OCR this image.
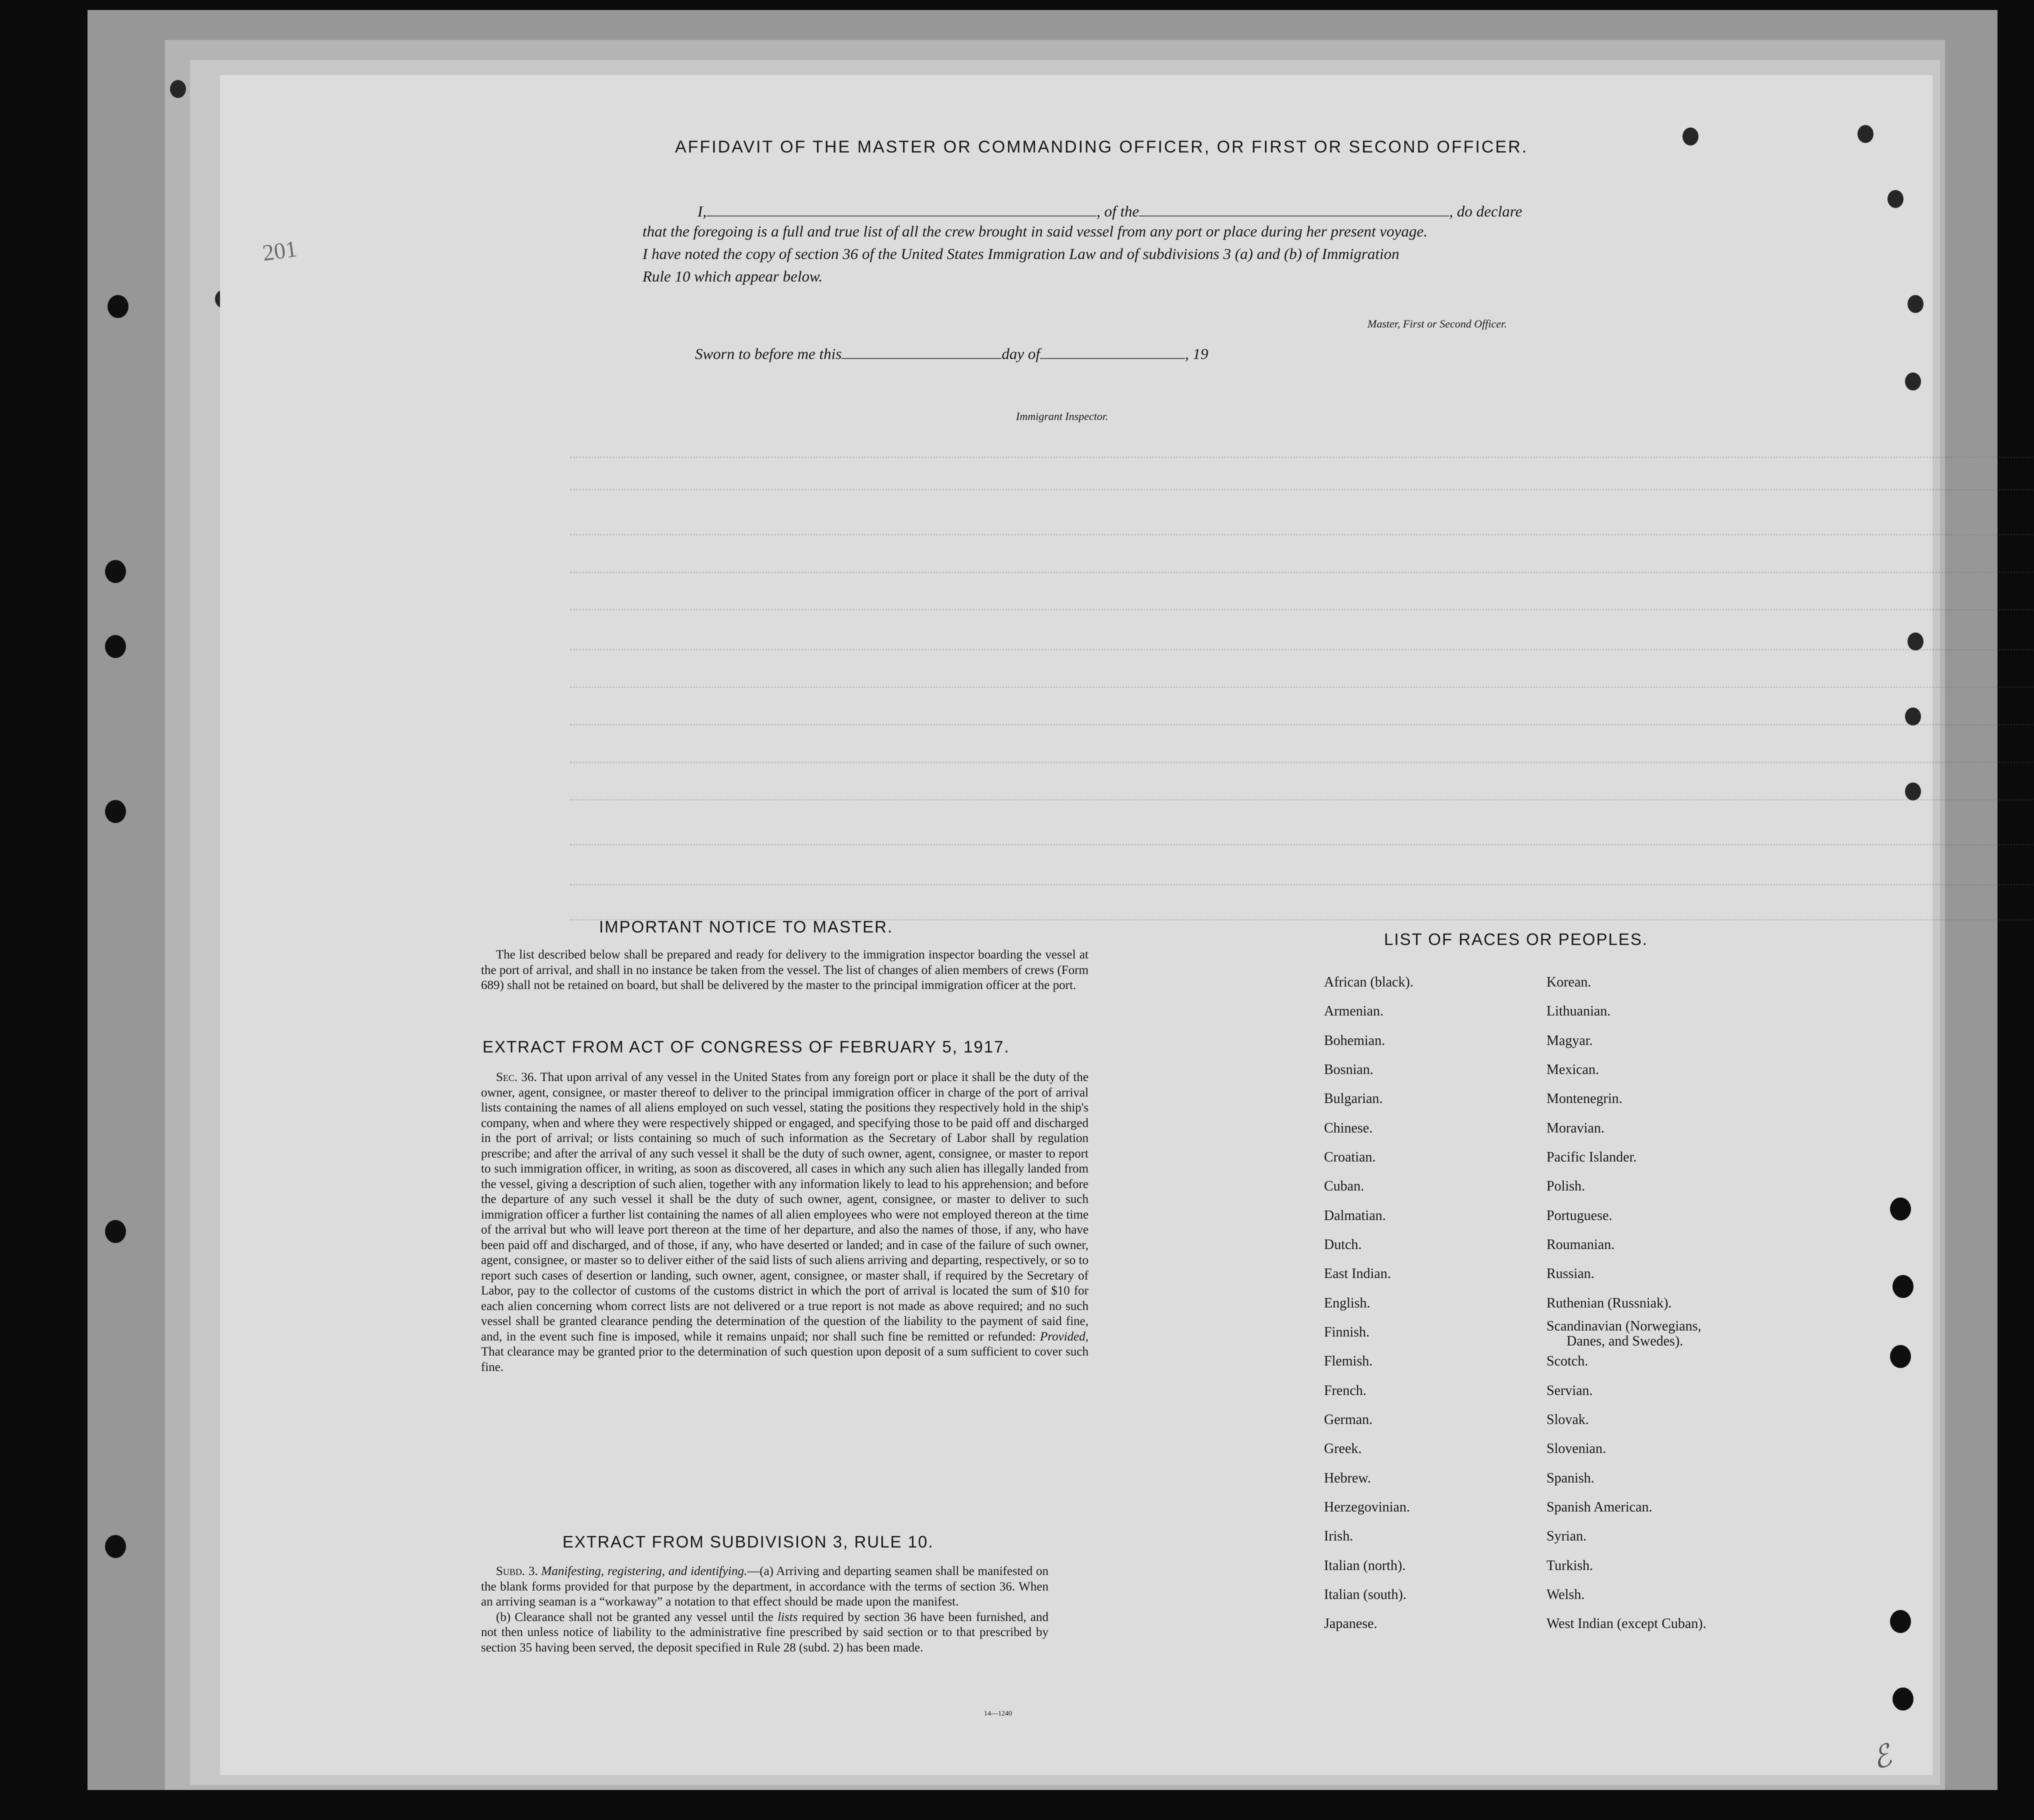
201
AFFIDAVIT OF THE MASTER OR COMMANDING OFFICER, OR FIRST OR SECOND OFFICER.
I,	, of the	, do declare
that the foregoing is a full and true list of all the crew brought in said vessel from any port or place during her present voyage.
I have noted the copy of section 36 of the United States Immigration Law and of subdivisions 3 (a) and (b) of Immigration
Rule 10 which appear below.
Master, First or Second Officer.
Sworn to before me this	day of	, 19
Immigrant Inspector.
IMPORTANT NOTICE TO MASTER.

The list described below shall be prepared and ready for delivery to the immigration inspector boarding the vessel at the port of arrival, and shall in no instance be taken from the vessel. The list of changes of alien members of crews (Form 689) shall not be retained on board, but shall be delivered by the master to the principal immigration officer at the port.

EXTRACT FROM ACT OF CONGRESS OF FEBRUARY 5, 1917.

Sec. 36. That upon arrival of any vessel in the United States from any foreign port or place it shall be the duty of the owner, agent, consignee, or master thereof to deliver to the principal immigration officer in charge of the port of arrival lists containing the names of all aliens employed on such vessel, stating the positions they respectively hold in the ship's company, when and where they were respectively shipped or engaged, and specifying those to be paid off and discharged in the port of arrival; or lists containing so much of such information as the Secretary of Labor shall by regulation prescribe; and after the arrival of any such vessel it shall be the duty of such owner, agent, consignee, or master to report to such immigration officer, in writing, as soon as discovered, all cases in which any such alien has illegally landed from the vessel, giving a description of such alien, together with any information likely to lead to his apprehension; and before the departure of any such vessel it shall be the duty of such owner, agent, consignee, or master to deliver to such immigration officer a further list containing the names of all alien employees who were not employed thereon at the time of the arrival but who will leave port thereon at the time of her departure, and also the names of those, if any, who have been paid off and discharged, and of those, if any, who have deserted or landed; and in case of the failure of such owner, agent, consignee, or master so to deliver either of the said lists of such aliens arriving and departing, respectively, or so to report such cases of desertion or landing, such owner, agent, consignee, or master shall, if required by the Secretary of Labor, pay to the collector of customs of the customs district in which the port of arrival is located the sum of $10 for each alien concerning whom correct lists are not delivered or a true report is not made as above required; and no such vessel shall be granted clearance pending the determination of the question of the liability to the payment of said fine, and, in the event such fine is imposed, while it remains unpaid; nor shall such fine be remitted or refunded: Provided, That clearance may be granted prior to the determination of such question upon deposit of a sum sufficient to cover such fine.

EXTRACT FROM SUBDIVISION 3, RULE 10.

Subd. 3. Manifesting, registering, and identifying.—(a) Arriving and departing seamen shall be manifested on the blank forms provided for that purpose by the department, in accordance with the terms of section 36. When an arriving seaman is a “workaway” a notation to that effect should be made upon the manifest.

(b) Clearance shall not be granted any vessel until the lists required by section 36 have been furnished, and not then unless notice of liability to the administrative fine prescribed by said section or to that prescribed by section 35 having been served, the deposit specified in Rule 28 (subd. 2) has been made.

14—1240
LIST OF RACES OR PEOPLES.
African (black).
Armenian.
Bohemian.
Bosnian.
Bulgarian.
Chinese.
Croatian.
Cuban.
Dalmatian.
Dutch.
East Indian.
English.
Finnish.
Flemish.
French.
German.
Greek.
Hebrew.
Herzegovinian.
Irish.
Italian (north).
Italian (south).
Japanese.
Korean.
Lithuanian.
Magyar.
Mexican.
Montenegrin.
Moravian.
Pacific Islander.
Polish.
Portuguese.
Roumanian.
Russian.
Ruthenian (Russniak).
Scandinavian (Norwegians,
Danes, and Swedes).
Scotch.
Servian.
Slovak.
Slovenian.
Spanish.
Spanish American.
Syrian.
Turkish.
Welsh.
West Indian (except Cuban).
ℰ
